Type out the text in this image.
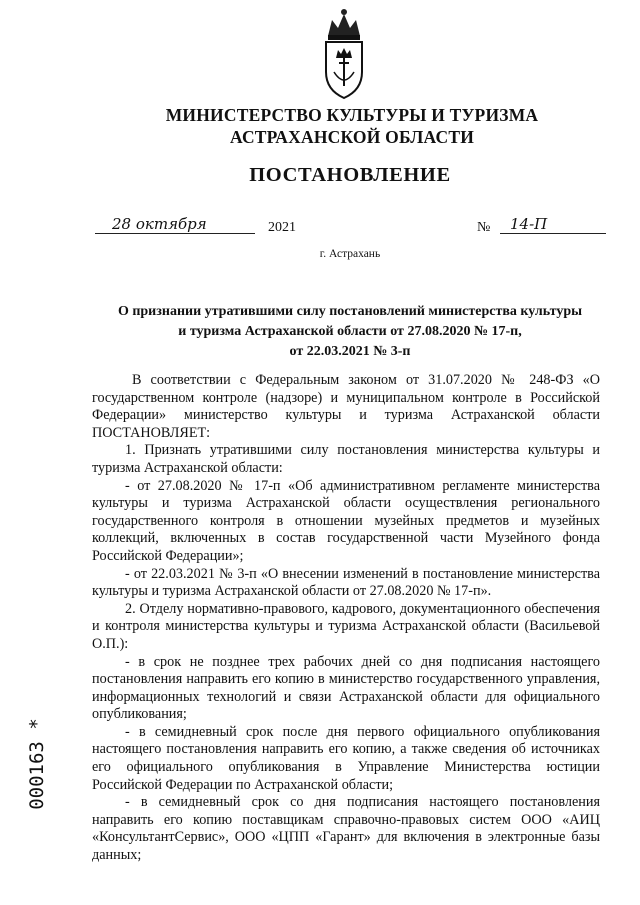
МИНИСТЕРСТВО КУЛЬТУРЫ И ТУРИЗМА
АСТРАХАНСКОЙ ОБЛАСТИ
ПОСТАНОВЛЕНИЕ
28 октября	2021	№ 14-П
г. Астрахань
О признании утратившими силу постановлений министерства культуры
и туризма Астраханской области от 27.08.2020 № 17-п,
от 22.03.2021 № 3-п

В соответствии с Федеральным законом от 31.07.2020 № 248-ФЗ «О государственном контроле (надзоре) и муниципальном контроле в Российской Федерации» министерство культуры и туризма Астраханской области ПОСТАНОВЛЯЕТ:

1. Признать утратившими силу постановления министерства культуры и туризма Астраханской области:

- от 27.08.2020 № 17-п «Об административном регламенте министерства культуры и туризма Астраханской области осуществления регионального государственного контроля в отношении музейных предметов и музейных коллекций, включенных в состав государственной части Музейного фонда Российской Федерации»;

- от 22.03.2021 № 3-п «О внесении изменений в постановление министерства культуры и туризма Астраханской области от 27.08.2020 № 17-п».

2. Отделу нормативно-правового, кадрового, документационного обеспечения и контроля министерства культуры и туризма Астраханской области (Васильевой О.П.):

- в срок не позднее трех рабочих дней со дня подписания настоящего постановления направить его копию в министерство государственного управления, информационных технологий и связи Астраханской области для официального опубликования;

- в семидневный срок после дня первого официального опубликования настоящего постановления направить его копию, а также сведения об источниках его официального опубликования в Управление Министерства юстиции Российской Федерации по Астраханской области;

- в семидневный срок со дня подписания настоящего постановления направить его копию поставщикам справочно-правовых систем ООО «АИЦ «КонсультантСервис», ООО «ЦПП «Гарант» для включения в электронные базы данных;

000163 *
